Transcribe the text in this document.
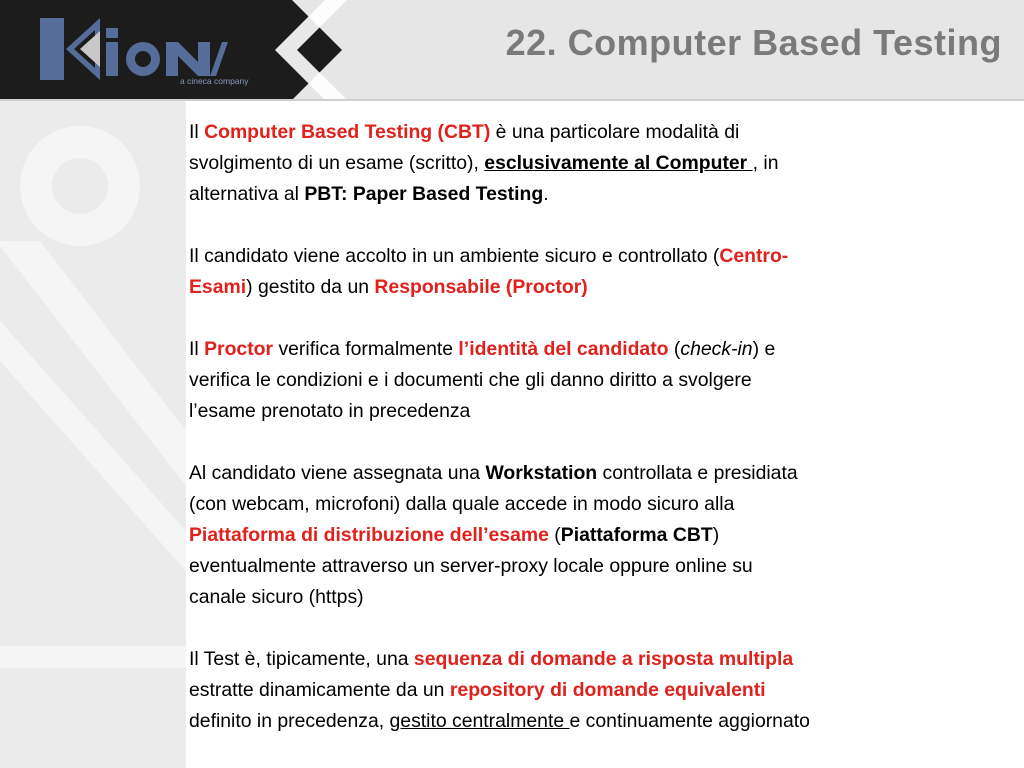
a cineca company
22. Computer Based Testing

Il Computer Based Testing (CBT) è una particolare modalità di
svolgimento di un esame (scritto), esclusivamente al Computer , in
alternativa al PBT: Paper Based Testing.

Il candidato viene accolto in un ambiente sicuro e controllato (Centro-
Esami) gestito da un Responsabile (Proctor)

Il Proctor verifica formalmente l’identità del candidato (check-in) e
verifica le condizioni e i documenti che gli danno diritto a svolgere
l’esame prenotato in precedenza

Al candidato viene assegnata una Workstation controllata e presidiata
(con webcam, microfoni) dalla quale accede in modo sicuro alla
Piattaforma di distribuzione dell’esame (Piattaforma CBT)
eventualmente attraverso un server-proxy locale oppure online su
canale sicuro (https)

Il Test è, tipicamente, una sequenza di domande a risposta multipla
estratte dinamicamente da un repository di domande equivalenti
definito in precedenza, gestito centralmente e continuamente aggiornato
